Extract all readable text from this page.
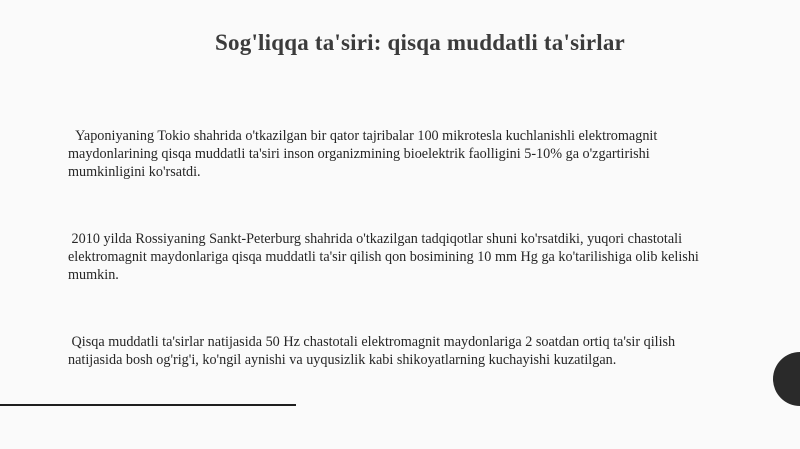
Sog'liqqa ta'siri: qisqa muddatli ta'sirlar
Yaponiyaning Tokio shahrida o'tkazilgan bir qator tajribalar 100 mikrotesla kuchlanishli elektromagnit maydonlarining qisqa muddatli ta'siri inson organizmining bioelektrik faolligini 5-10% ga o'zgartirishi mumkinligini ko'rsatdi.
2010 yilda Rossiyaning Sankt-Peterburg shahrida o'tkazilgan tadqiqotlar shuni ko'rsatdiki, yuqori chastotali elektromagnit maydonlariga qisqa muddatli ta'sir qilish qon bosimining 10 mm Hg ga ko'tarilishiga olib kelishi mumkin.
Qisqa muddatli ta'sirlar natijasida 50 Hz chastotali elektromagnit maydonlariga 2 soatdan ortiq ta'sir qilish natijasida bosh og'rig'i, ko'ngil aynishi va uyqusizlik kabi shikoyatlarning kuchayishi kuzatilgan.
